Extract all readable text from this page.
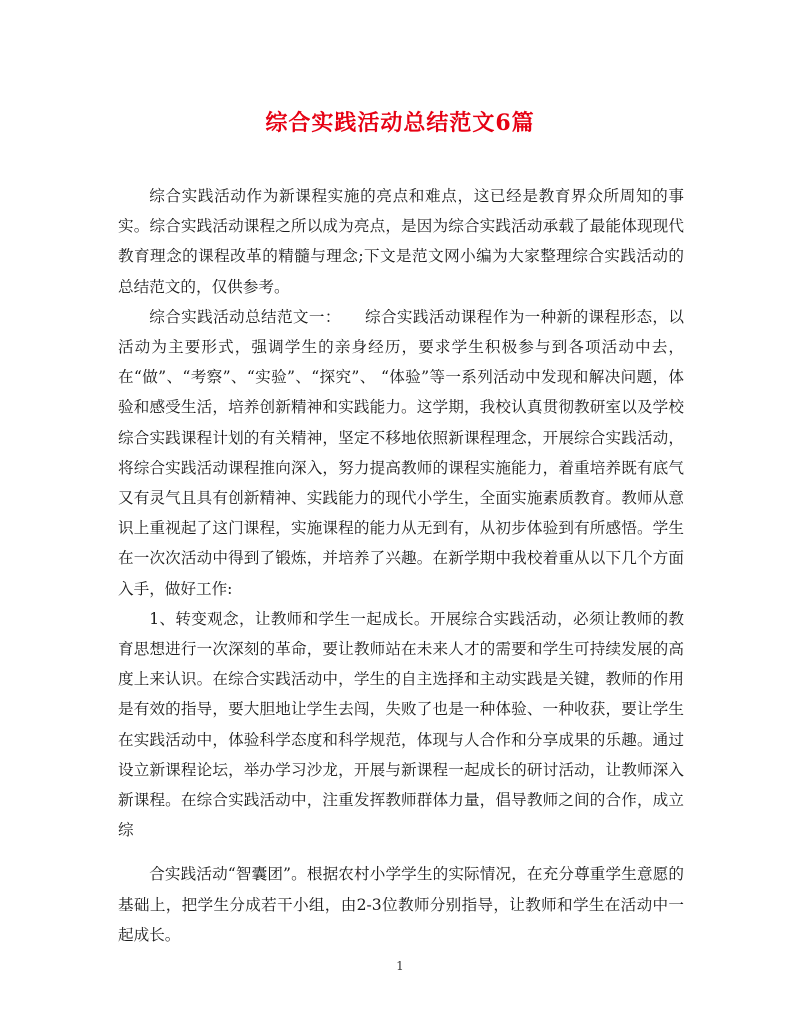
综合实践活动总结范文6篇

综合实践活动作为新课程实施的亮点和难点，这已经是教育界众所周知的事实。综合实践活动课程之所以成为亮点，是因为综合实践活动承载了最能体现现代教育理念的课程改革的精髓与理念;下文是范文网小编为大家整理综合实践活动的总结范文的，仅供参考。

综合实践活动总结范文一：　　综合实践活动课程作为一种新的课程形态，以活动为主要形式，强调学生的亲身经历，要求学生积极参与到各项活动中去，在“做”、“考察”、“实验”、“探究”、 “体验”等一系列活动中发现和解决问题，体验和感受生活，培养创新精神和实践能力。这学期，我校认真贯彻教研室以及学校综合实践课程计划的有关精神，坚定不移地依照新课程理念，开展综合实践活动，将综合实践活动课程推向深入，努力提高教师的课程实施能力，着重培养既有底气又有灵气且具有创新精神、实践能力的现代小学生，全面实施素质教育。教师从意识上重视起了这门课程，实施课程的能力从无到有，从初步体验到有所感悟。学生在一次次活动中得到了锻炼，并培养了兴趣。在新学期中我校着重从以下几个方面入手，做好工作:

1、转变观念，让教师和学生一起成长。开展综合实践活动，必须让教师的教育思想进行一次深刻的革命，要让教师站在未来人才的需要和学生可持续发展的高度上来认识。在综合实践活动中，学生的自主选择和主动实践是关键，教师的作用是有效的指导，要大胆地让学生去闯，失败了也是一种体验、一种收获，要让学生在实践活动中，体验科学态度和科学规范，体现与人合作和分享成果的乐趣。通过设立新课程论坛，举办学习沙龙，开展与新课程一起成长的研讨活动，让教师深入新课程。在综合实践活动中，注重发挥教师群体力量，倡导教师之间的合作，成立综

合实践活动“智囊团”。根据农村小学学生的实际情况，在充分尊重学生意愿的基础上，把学生分成若干小组，由2-3位教师分别指导，让教师和学生在活动中一起成长。

1
